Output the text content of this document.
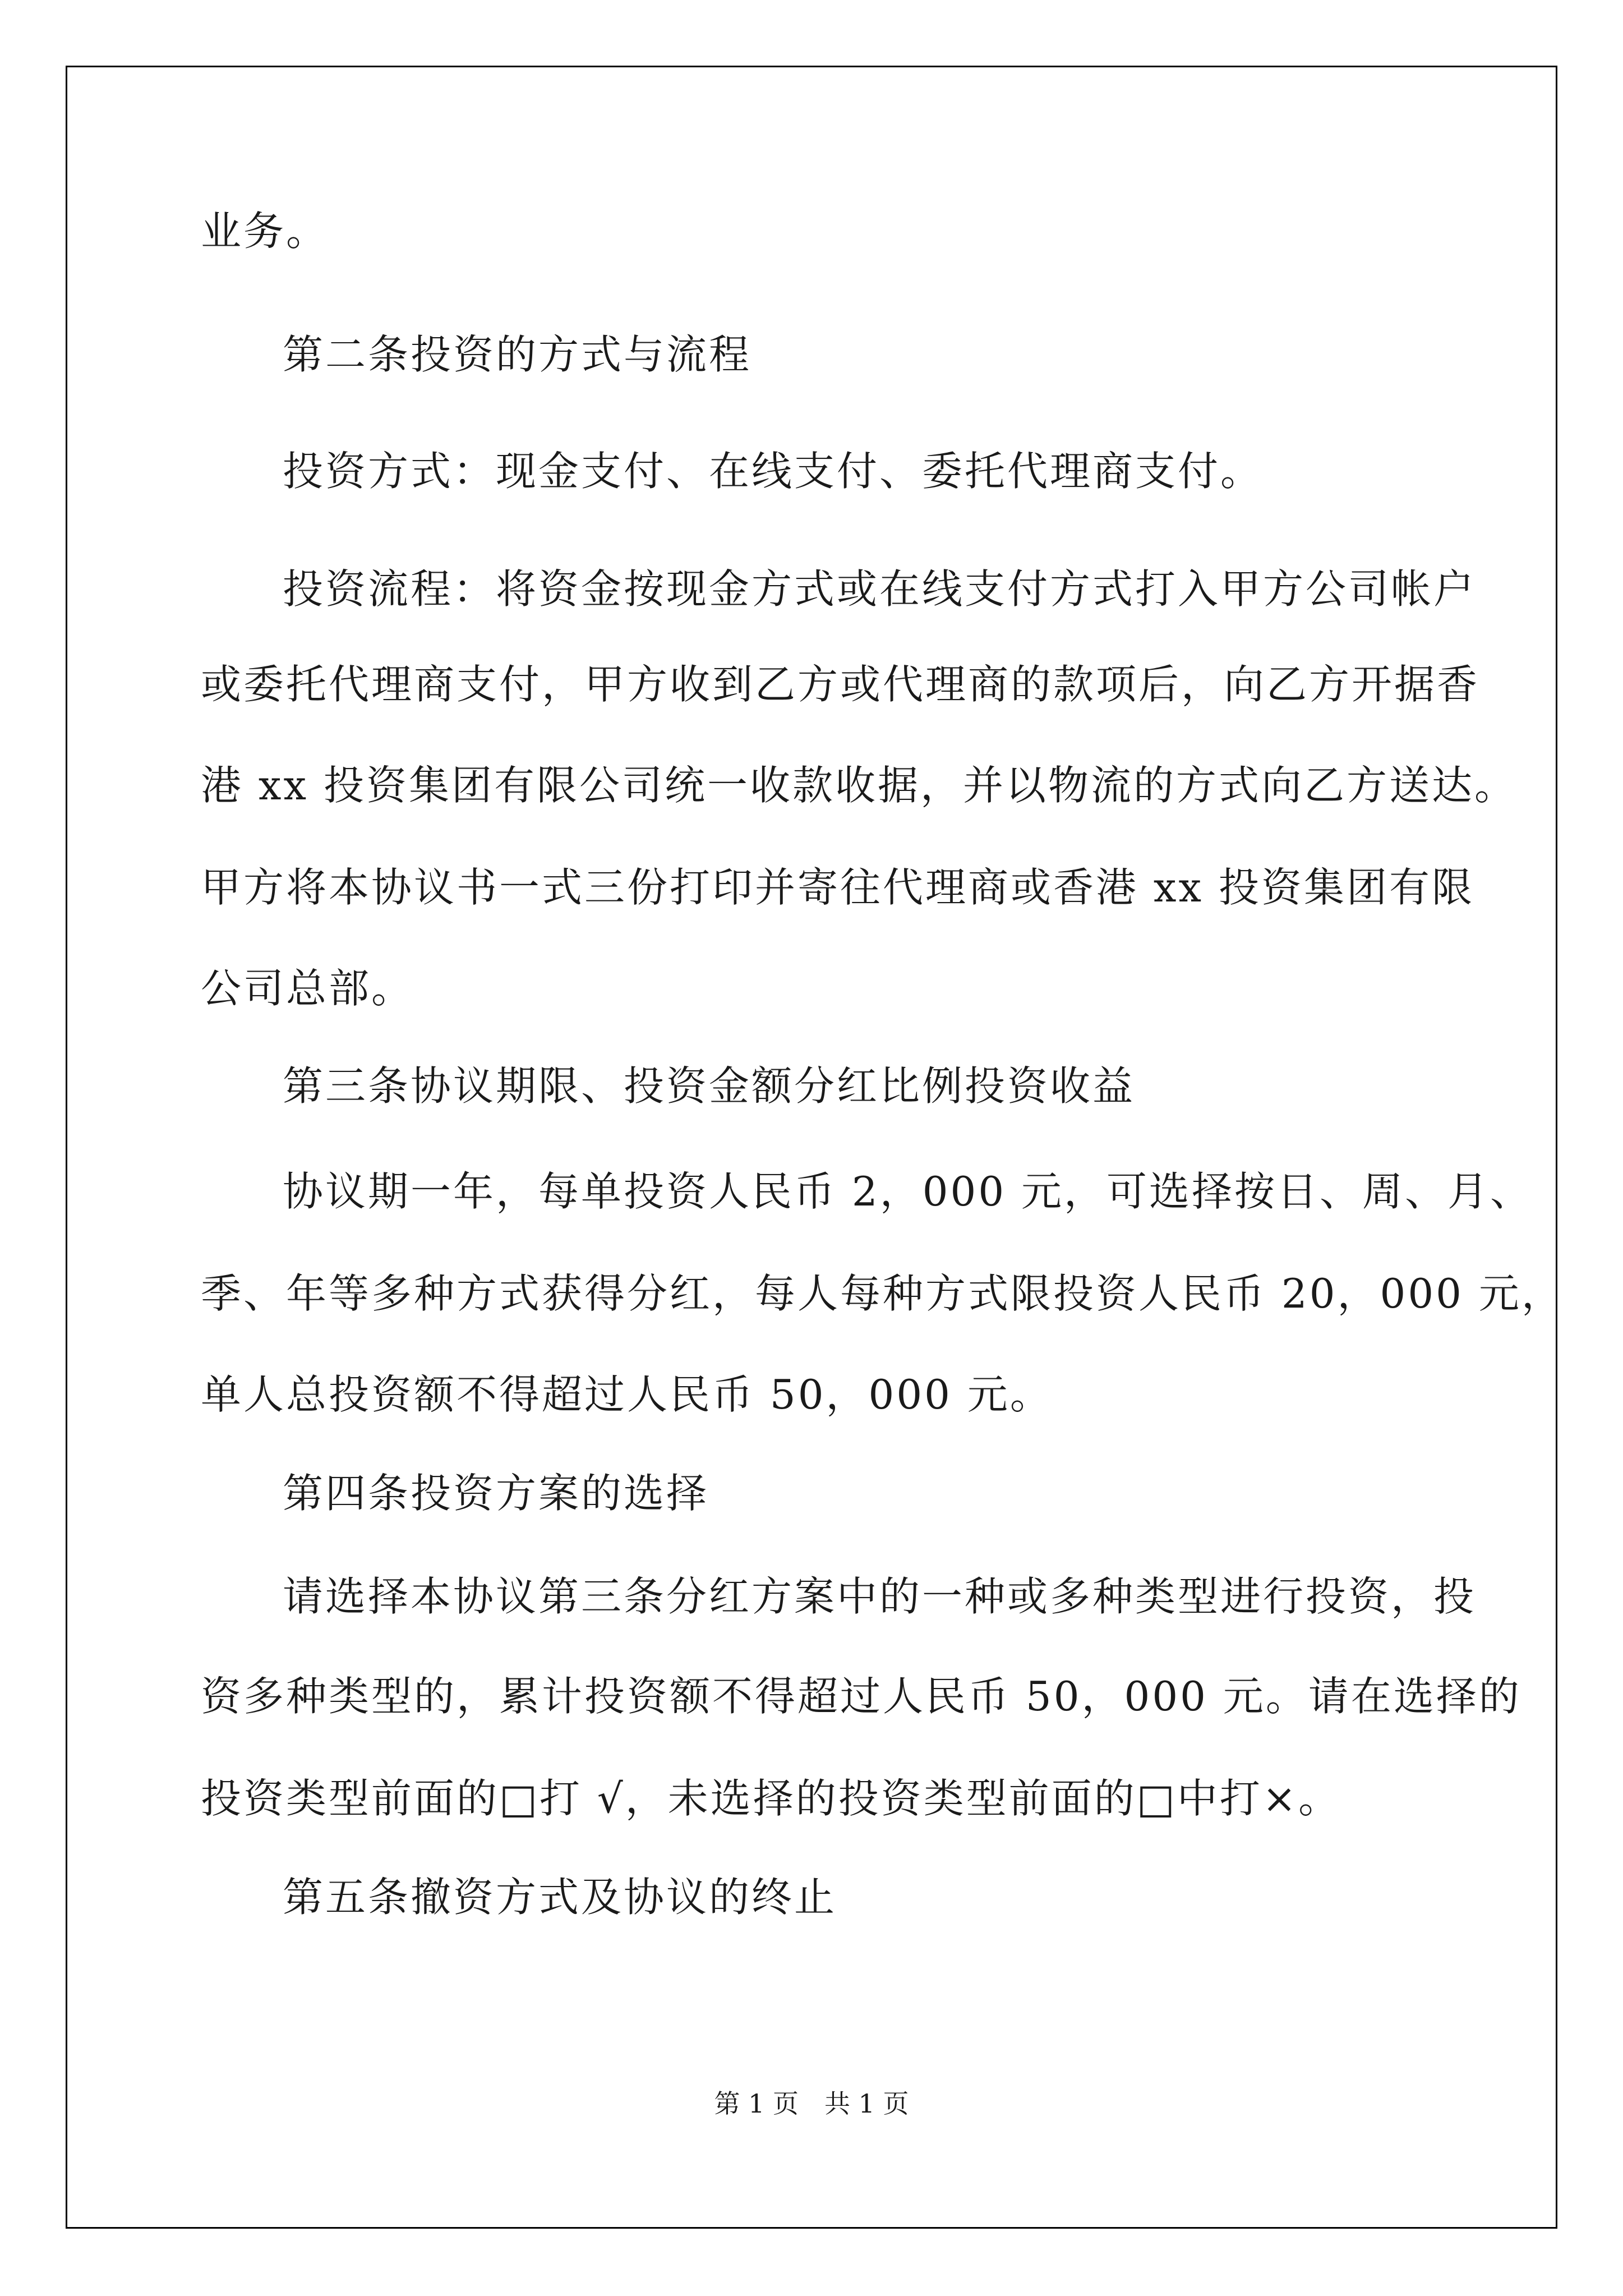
业务。
第二条投资的方式与流程
投资方式：现金支付、在线支付、委托代理商支付。
投资流程：将资金按现金方式或在线支付方式打入甲方公司帐户
或委托代理商支付，甲方收到乙方或代理商的款项后，向乙方开据香
港 xx 投资集团有限公司统一收款收据，并以物流的方式向乙方送达。
甲方将本协议书一式三份打印并寄往代理商或香港 xx 投资集团有限
公司总部。
第三条协议期限、投资金额分红比例投资收益
协议期一年，每单投资人民币 2，000 元，可选择按日、周、月、
季、年等多种方式获得分红，每人每种方式限投资人民币 20，000 元，
单人总投资额不得超过人民币 50，000 元。
第四条投资方案的选择
请选择本协议第三条分红方案中的一种或多种类型进行投资，投
资多种类型的，累计投资额不得超过人民币 50，000 元。请在选择的
投资类型前面的□打 √，未选择的投资类型前面的□中打×。
第五条撤资方式及协议的终止
第 1 页　共 1 页
